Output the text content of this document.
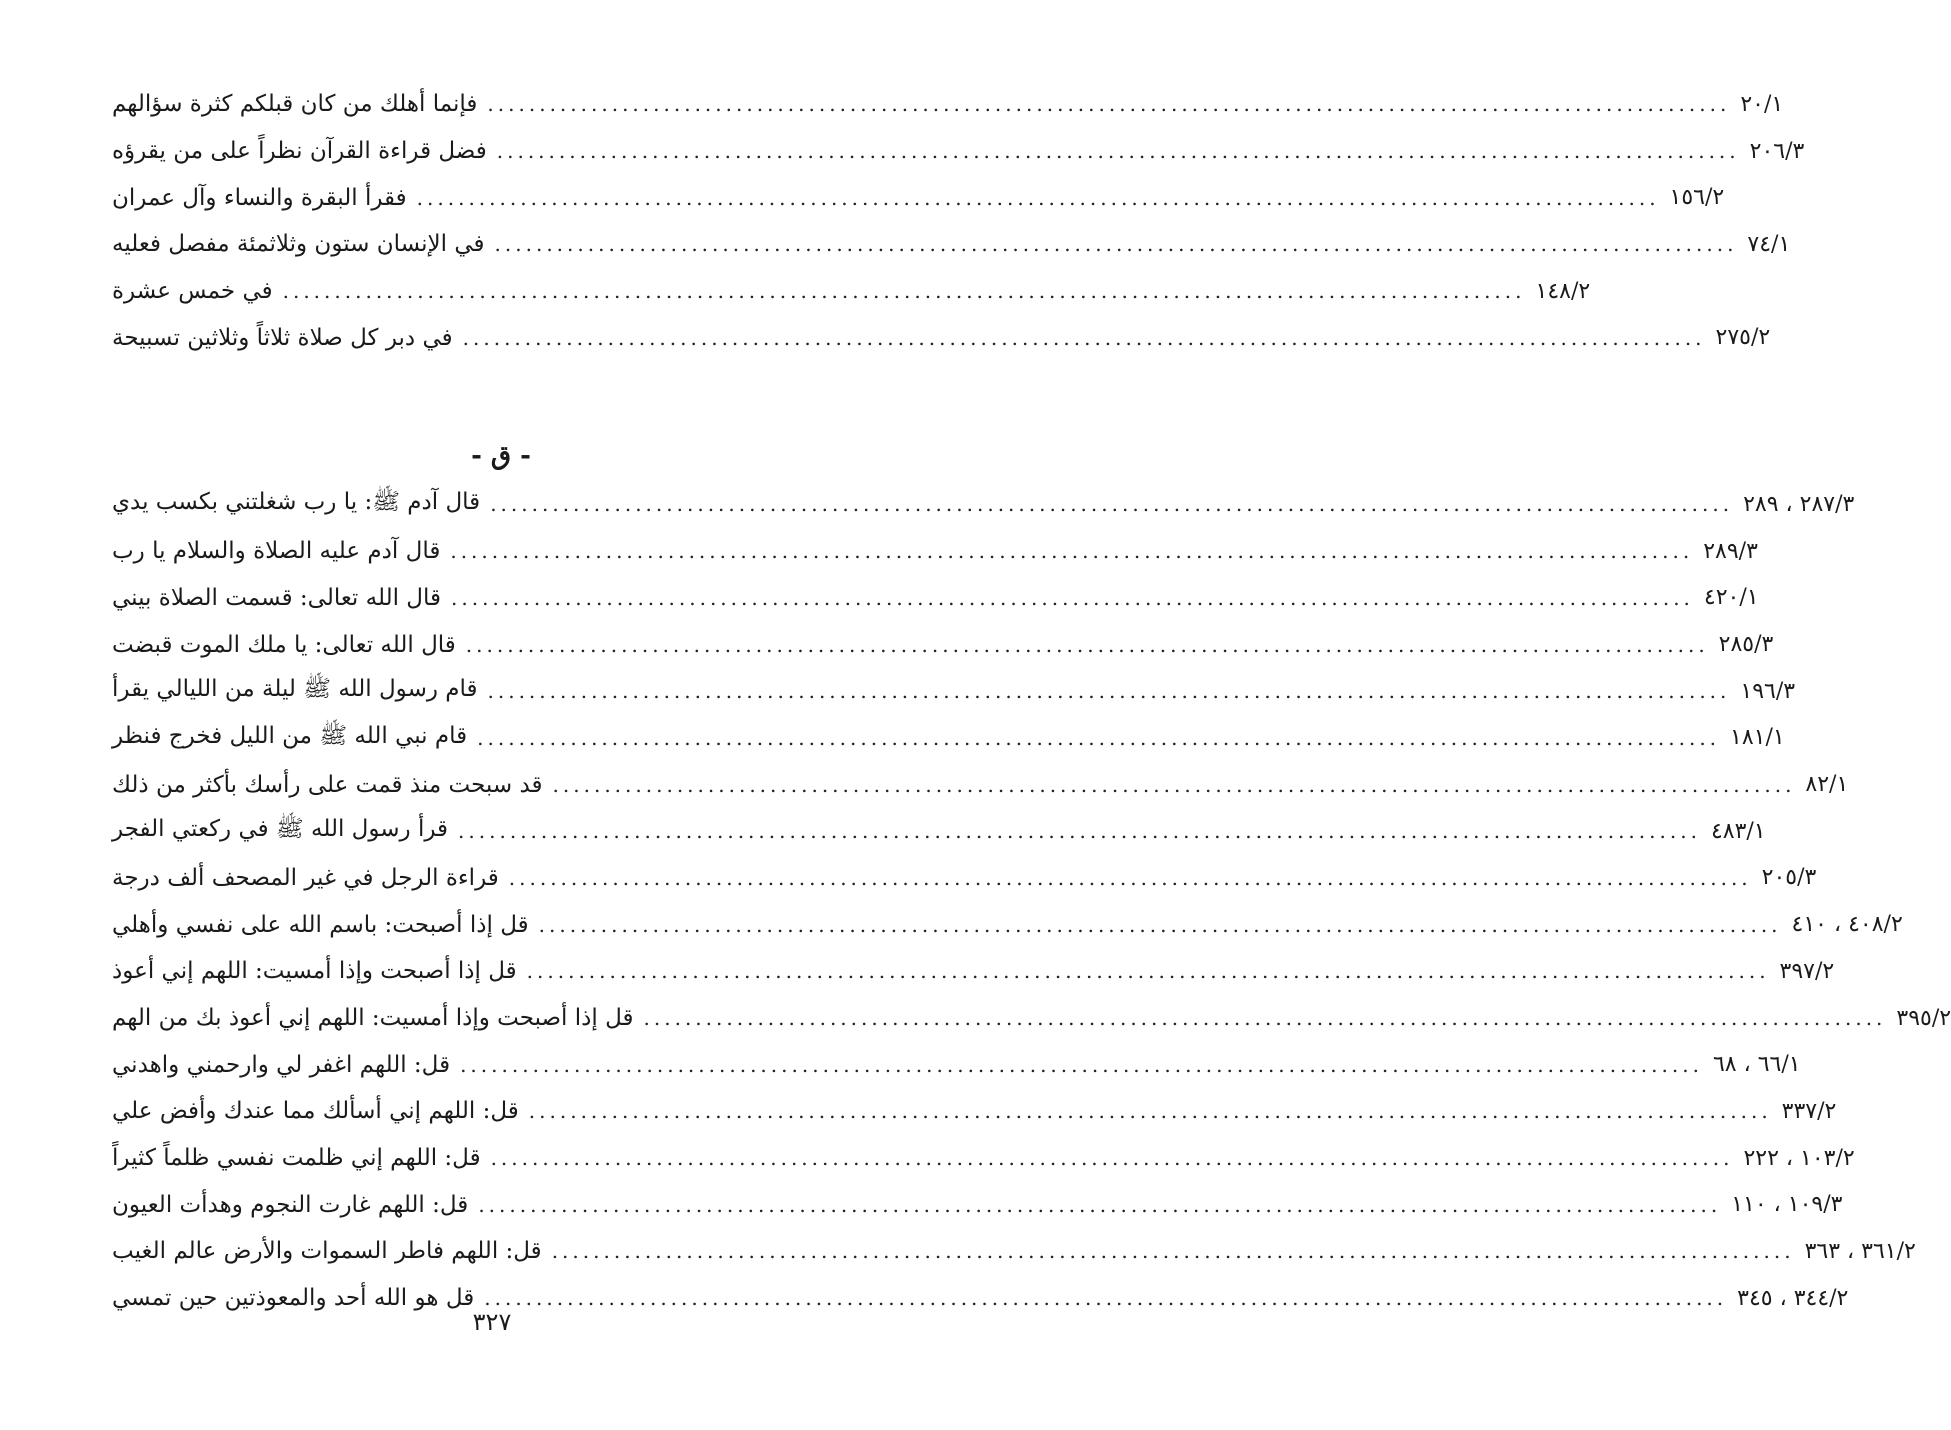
فإنما أهلك من كان قبلكم كثرة سؤالهم ........................................................................................................................ ٢٠/١
فضل قراءة القرآن نظراً على من يقرؤه ........................................................................................................................ ٢٠٦/٣
فقرأ البقرة والنساء وآل عمران ........................................................................................................................ ١٥٦/٢
في الإنسان ستون وثلاثمئة مفصل فعليه ........................................................................................................................ ٧٤/١
في خمس عشرة ........................................................................................................................ ١٤٨/٢
في دبر كل صلاة ثلاثاً وثلاثين تسبيحة ........................................................................................................................ ٢٧٥/٢
- ق -
قال آدم ﷺ: يا رب شغلتني بكسب يدي ........................................................................................................................ ٢٨٧/٣ ، ٢٨٩
قال آدم عليه الصلاة والسلام يا رب ........................................................................................................................ ٢٨٩/٣
قال الله تعالى: قسمت الصلاة بيني ........................................................................................................................ ٤٢٠/١
قال الله تعالى: يا ملك الموت قبضت ........................................................................................................................ ٢٨٥/٣
قام رسول الله ﷺ ليلة من الليالي يقرأ ........................................................................................................................ ١٩٦/٣
قام نبي الله ﷺ من الليل فخرج فنظر ........................................................................................................................ ١٨١/١
قد سبحت منذ قمت على رأسك بأكثر من ذلك ........................................................................................................................ ٨٢/١
قرأ رسول الله ﷺ في ركعتي الفجر ........................................................................................................................ ٤٨٣/١
قراءة الرجل في غير المصحف ألف درجة ........................................................................................................................ ٢٠٥/٣
قل إذا أصبحت: باسم الله على نفسي وأهلي ........................................................................................................................ ٤٠٨/٢ ، ٤١٠
قل إذا أصبحت وإذا أمسيت: اللهم إني أعوذ ........................................................................................................................ ٣٩٧/٢
قل إذا أصبحت وإذا أمسيت: اللهم إني أعوذ بك من الهم ........................................................................................................................ ٣٩٥/٢
قل: اللهم اغفر لي وارحمني واهدني ........................................................................................................................ ٦٦/١ ، ٦٨
قل: اللهم إني أسألك مما عندك وأفض علي ........................................................................................................................ ٣٣٧/٢
قل: اللهم إني ظلمت نفسي ظلماً كثيراً ........................................................................................................................ ١٠٣/٢ ، ٢٢٢
قل: اللهم غارت النجوم وهدأت العيون ........................................................................................................................ ١٠٩/٣ ، ١١٠
قل: اللهم فاطر السموات والأرض عالم الغيب ........................................................................................................................ ٣٦١/٢ ، ٣٦٣
قل هو الله أحد والمعوذتين حين تمسي ........................................................................................................................ ٣٤٤/٢ ، ٣٤٥
٣٢٧
